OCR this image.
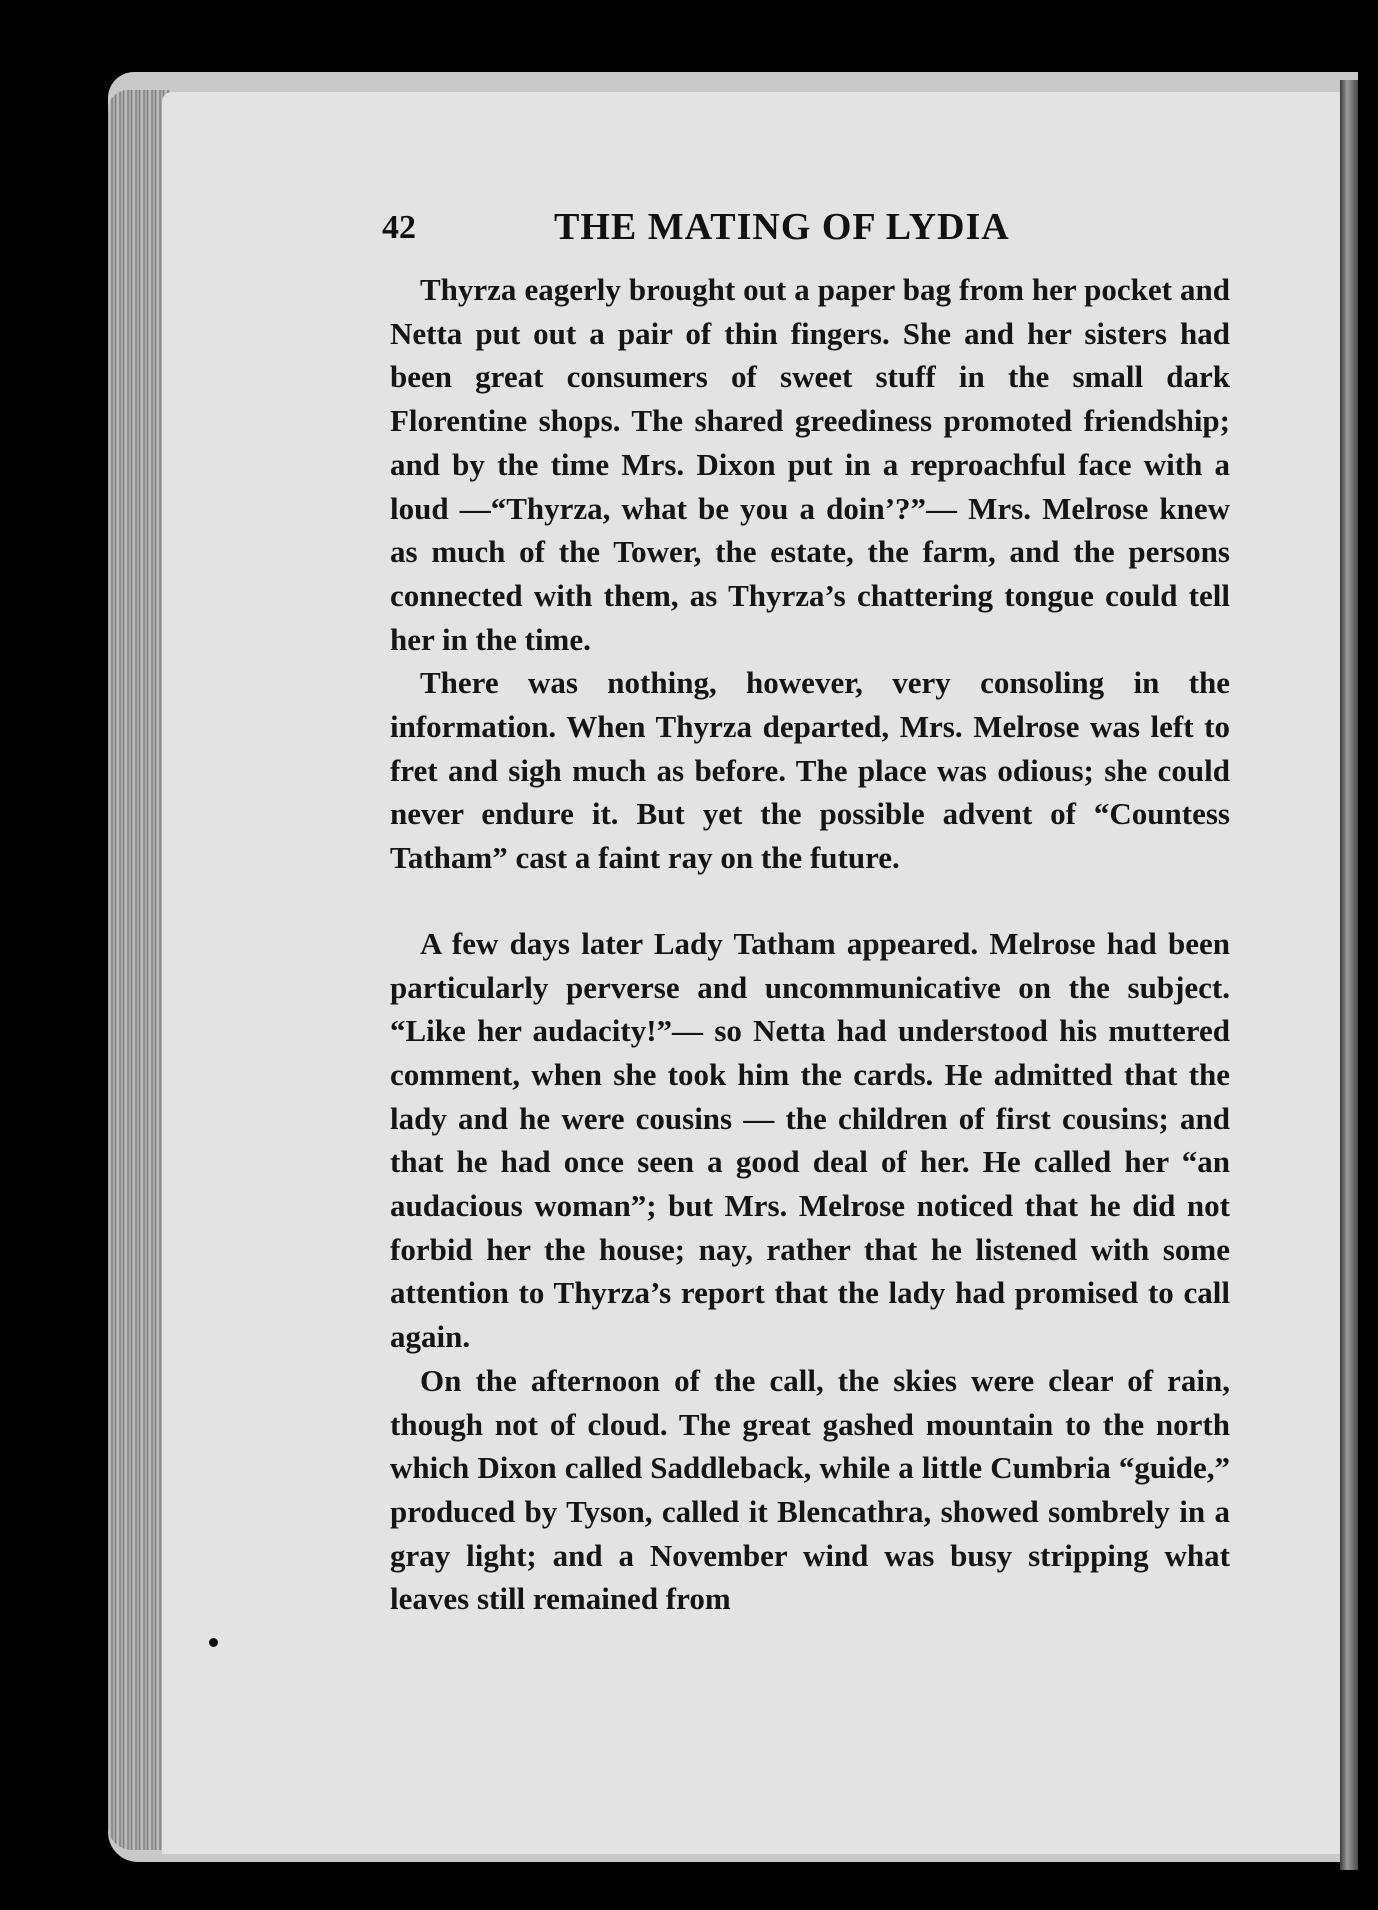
42	THE MATING OF LYDIA

Thyrza eagerly brought out a paper bag from her pocket and Netta put out a pair of thin fingers. She and her sisters had been great consumers of sweet stuff in the small dark Florentine shops. The shared greediness promoted friendship; and by the time Mrs. Dixon put in a reproachful face with a loud —“Thyrza, what be you a doin’?”— Mrs. Melrose knew as much of the Tower, the estate, the farm, and the persons connected with them, as Thyrza’s chattering tongue could tell her in the time.

There was nothing, however, very consoling in the information. When Thyrza departed, Mrs. Melrose was left to fret and sigh much as before. The place was odious; she could never endure it. But yet the possible advent of “Countess Tatham” cast a faint ray on the future.

A few days later Lady Tatham appeared. Melrose had been particularly perverse and uncommunicative on the subject. “Like her audacity!”— so Netta had understood his muttered comment, when she took him the cards. He admitted that the lady and he were cousins — the children of first cousins; and that he had once seen a good deal of her. He called her “an audacious woman”; but Mrs. Melrose noticed that he did not forbid her the house; nay, rather that he listened with some attention to Thyrza’s report that the lady had promised to call again.

On the afternoon of the call, the skies were clear of rain, though not of cloud. The great gashed mountain to the north which Dixon called Saddleback, while a little Cumbria “guide,” produced by Tyson, called it Blencathra, showed sombrely in a gray light; and a November wind was busy stripping what leaves still remained from
